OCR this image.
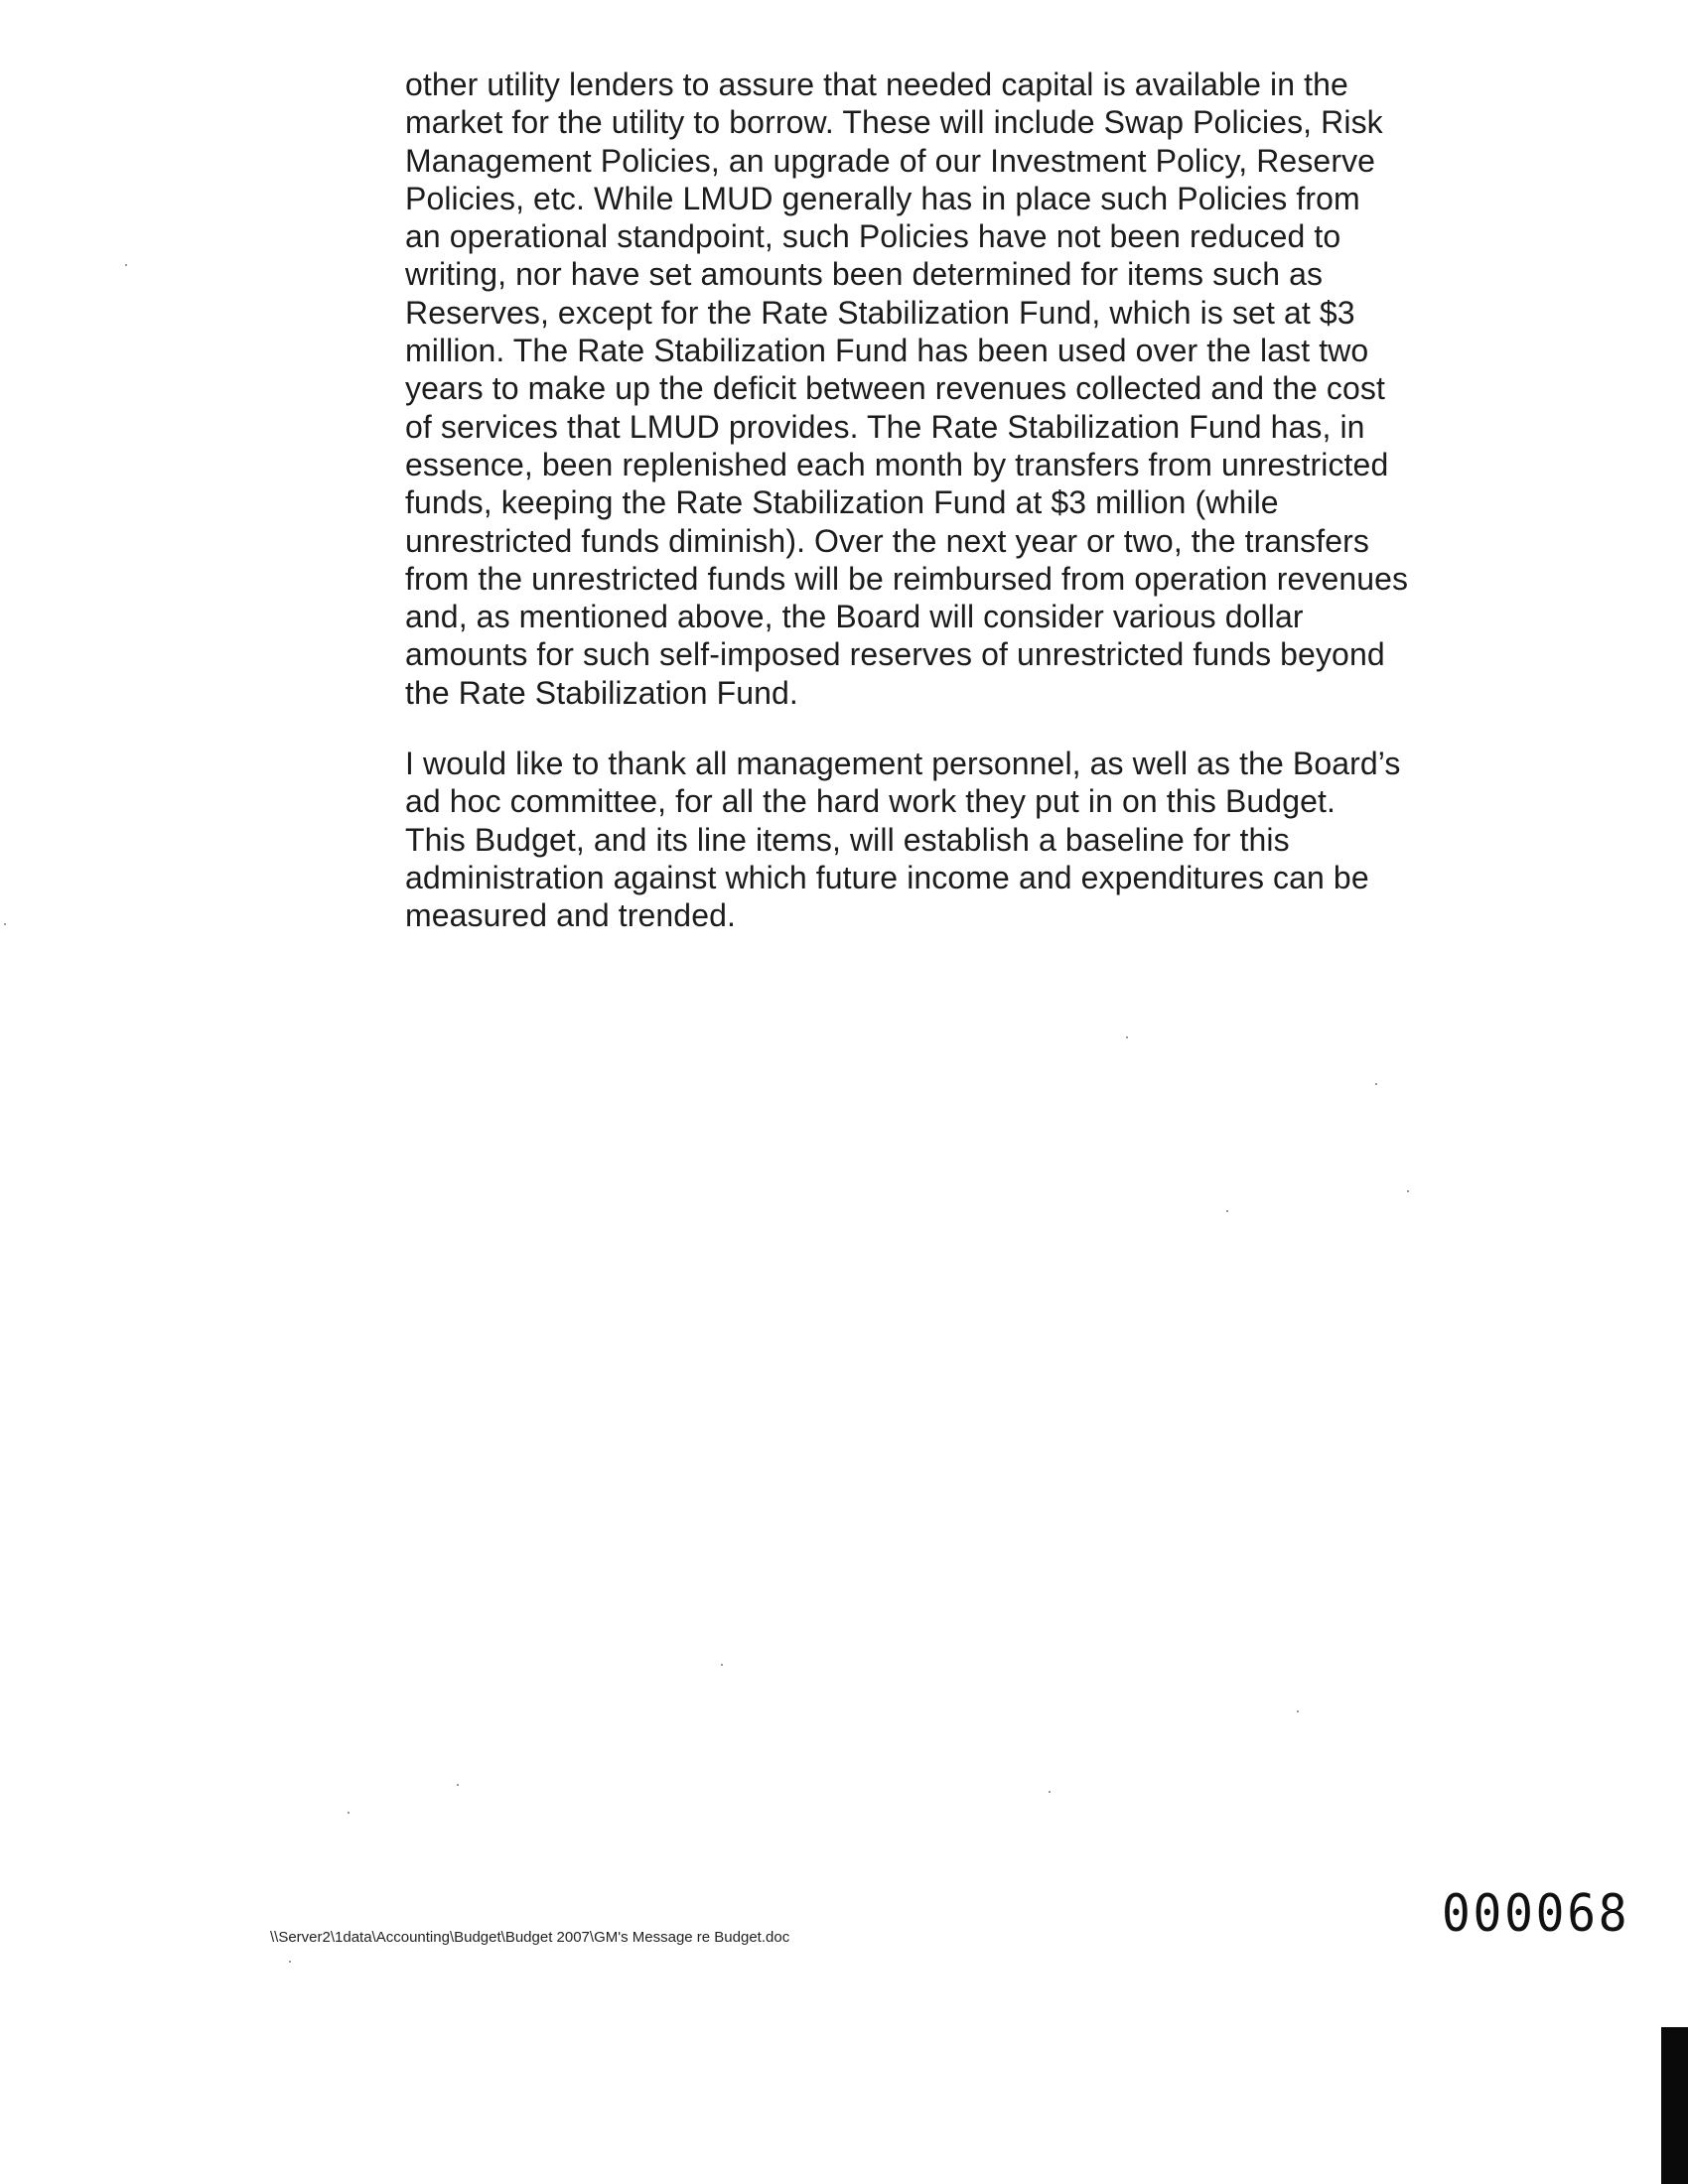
other utility lenders to assure that needed capital is available in the
market for the utility to borrow. These will include Swap Policies, Risk
Management Policies, an upgrade of our Investment Policy, Reserve
Policies, etc. While LMUD generally has in place such Policies from
an operational standpoint, such Policies have not been reduced to
writing, nor have set amounts been determined for items such as
Reserves, except for the Rate Stabilization Fund, which is set at $3
million. The Rate Stabilization Fund has been used over the last two
years to make up the deficit between revenues collected and the cost
of services that LMUD provides. The Rate Stabilization Fund has, in
essence, been replenished each month by transfers from unrestricted
funds, keeping the Rate Stabilization Fund at $3 million (while
unrestricted funds diminish). Over the next year or two, the transfers
from the unrestricted funds will be reimbursed from operation revenues
and, as mentioned above, the Board will consider various dollar
amounts for such self-imposed reserves of unrestricted funds beyond
the Rate Stabilization Fund.
I would like to thank all management personnel, as well as the Board’s
ad hoc committee, for all the hard work they put in on this Budget.
This Budget, and its line items, will establish a baseline for this
administration against which future income and expenditures can be
measured and trended.
\\Server2\1data\Accounting\Budget\Budget 2007\GM's Message re Budget.doc	000068
